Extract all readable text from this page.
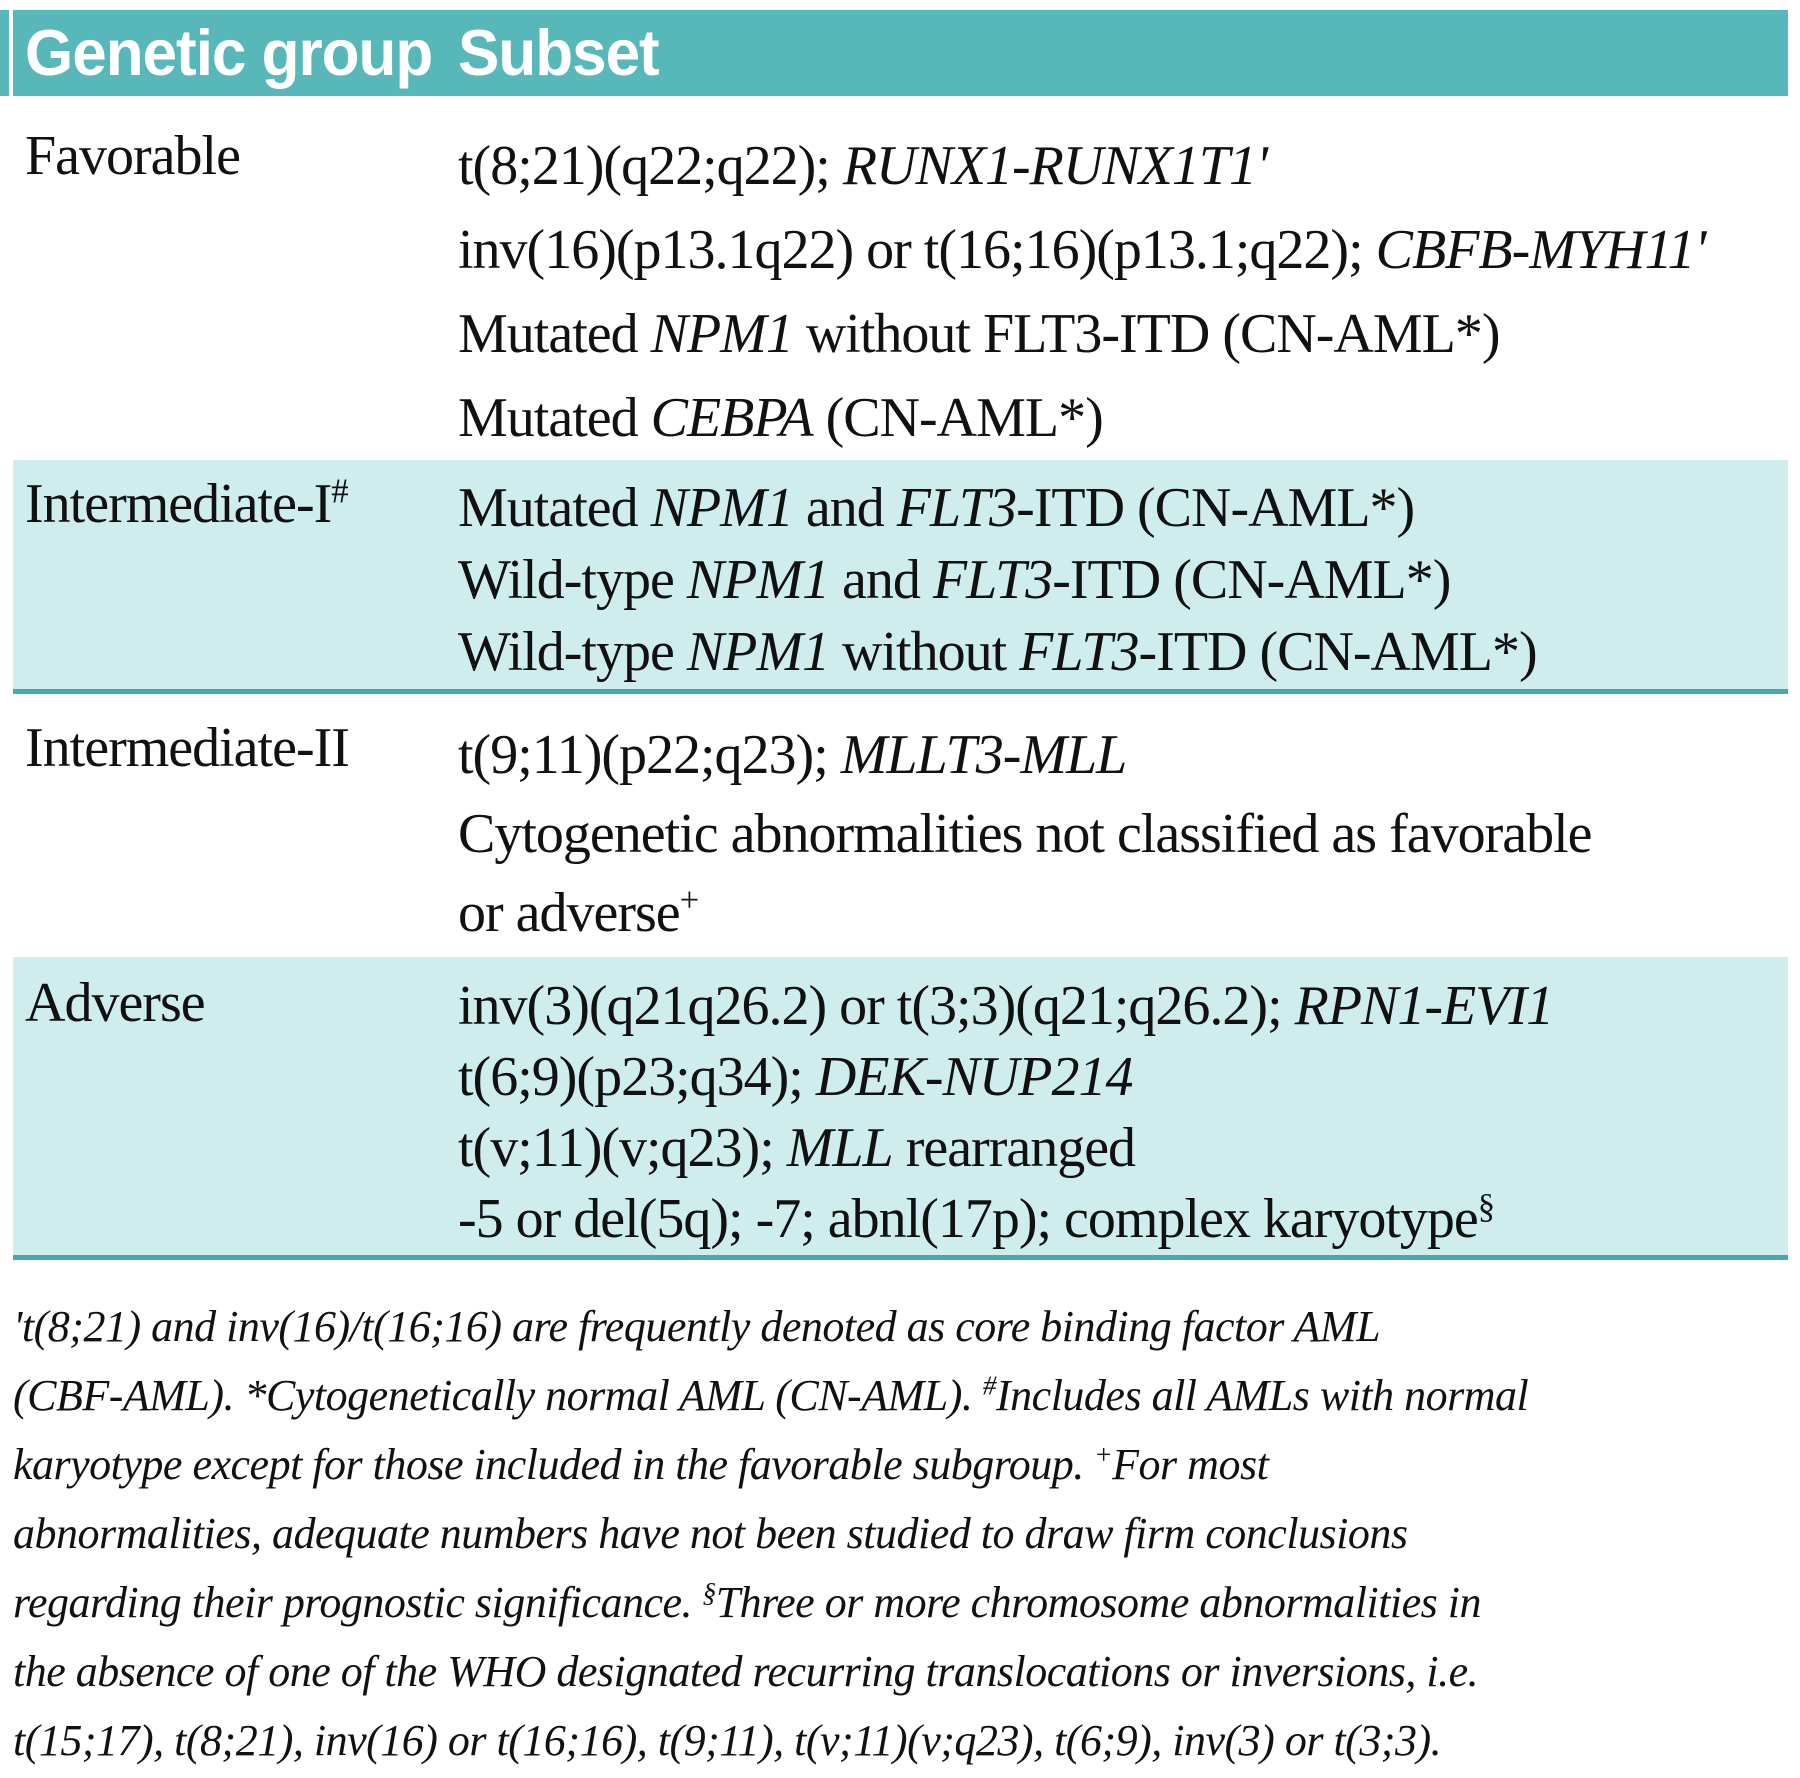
Genetic group Subset
Favorable	t(8;21)(q22;q22); RUNX1-RUNX1T1'
inv(16)(p13.1q22) or t(16;16)(p13.1;q22); CBFB-MYH11'
Mutated NPM1 without FLT3-ITD (CN-AML*)
Mutated CEBPA (CN-AML*)
Intermediate-I#	Mutated NPM1 and FLT3-ITD (CN-AML*)
Wild-type NPM1 and FLT3-ITD (CN-AML*)
Wild-type NPM1 without FLT3-ITD (CN-AML*)
Intermediate-II	t(9;11)(p22;q23); MLLT3-MLL
Cytogenetic abnormalities not classified as favorable
or adverse+
Adverse	inv(3)(q21q26.2) or t(3;3)(q21;q26.2); RPN1-EVI1
t(6;9)(p23;q34); DEK-NUP214
t(v;11)(v;q23); MLL rearranged
-5 or del(5q); -7; abnl(17p); complex karyotype§
't(8;21) and inv(16)/t(16;16) are frequently denoted as core binding factor AML
(CBF-AML). *Cytogenetically normal AML (CN-AML). #Includes all AMLs with normal
karyotype except for those included in the favorable subgroup. +For most
abnormalities, adequate numbers have not been studied to draw firm conclusions
regarding their prognostic significance. §Three or more chromosome abnormalities in
the absence of one of the WHO designated recurring translocations or inversions, i.e.
t(15;17), t(8;21), inv(16) or t(16;16), t(9;11), t(v;11)(v;q23), t(6;9), inv(3) or t(3;3).
